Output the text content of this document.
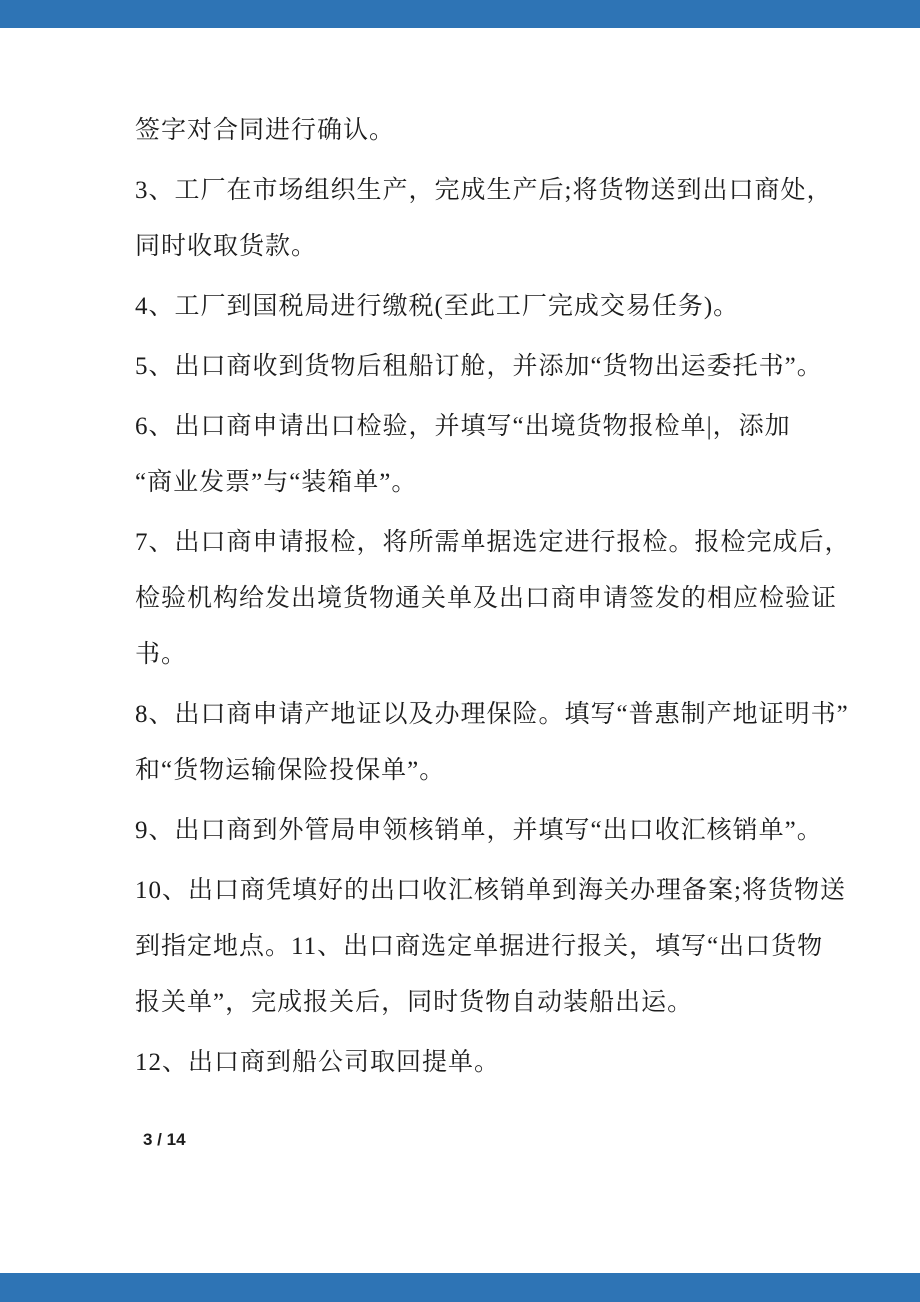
签字对合同进行确认。
3、工厂在市场组织生产，完成生产后;将货物送到出口商处，
同时收取货款。
4、工厂到国税局进行缴税(至此工厂完成交易任务)。
5、出口商收到货物后租船订舱，并添加“货物出运委托书”。
6、出口商申请出口检验，并填写“出境货物报检单|，添加
“商业发票”与“装箱单”。
7、出口商申请报检，将所需单据选定进行报检。报检完成后，
检验机构给发出境货物通关单及出口商申请签发的相应检验证
书。
8、出口商申请产地证以及办理保险。填写“普惠制产地证明书”
和“货物运输保险投保单”。
9、出口商到外管局申领核销单，并填写“出口收汇核销单”。
10、出口商凭填好的出口收汇核销单到海关办理备案;将货物送
到指定地点。11、出口商选定单据进行报关，填写“出口货物
报关单”，完成报关后，同时货物自动装船出运。
12、出口商到船公司取回提单。
3 / 14
